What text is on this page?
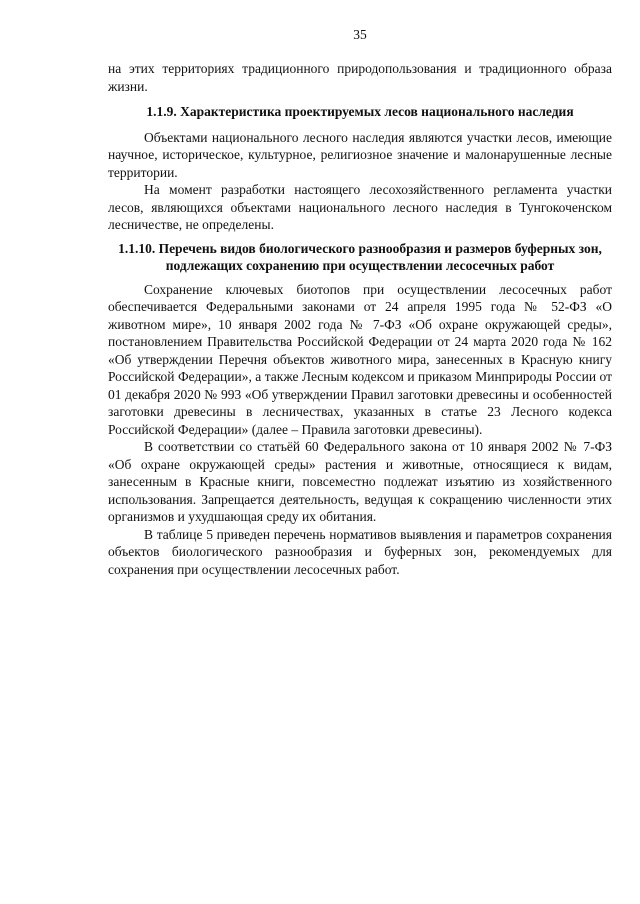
35

на этих территориях традиционного природопользования и традиционного образа жизни.

1.1.9. Характеристика проектируемых лесов национального наследия

Объектами национального лесного наследия являются участки лесов, имеющие научное, историческое, культурное, религиозное значение и малонарушенные лесные территории.

На момент разработки настоящего лесохозяйственного регламента участки лесов, являющихся объектами национального лесного наследия в Тунгокоченском лесничестве, не определены.

1.1.10. Перечень видов биологического разнообразия и размеров буферных зон, подлежащих сохранению при осуществлении лесосечных работ

Сохранение ключевых биотопов при осуществлении лесосечных работ обеспечивается Федеральными законами от 24 апреля 1995 года № 52-ФЗ «О животном мире», 10 января 2002 года № 7-ФЗ «Об охране окружающей среды», постановлением Правительства Российской Федерации от 24 марта 2020 года № 162 «Об утверждении Перечня объектов животного мира, занесенных в Красную книгу Российской Федерации», а также Лесным кодексом и приказом Минприроды России от 01 декабря 2020 № 993 «Об утверждении Правил заготовки древесины и особенностей заготовки древесины в лесничествах, указанных в статье 23 Лесного кодекса Российской Федерации» (далее – Правила заготовки древесины).

В соответствии со статьёй 60 Федерального закона от 10 января 2002 № 7-ФЗ «Об охране окружающей среды» растения и животные, относящиеся к видам, занесенным в Красные книги, повсеместно подлежат изъятию из хозяйственного использования. Запрещается деятельность, ведущая к сокращению численности этих организмов и ухудшающая среду их обитания.

В таблице 5 приведен перечень нормативов выявления и параметров сохранения объектов биологического разнообразия и буферных зон, рекомендуемых для сохранения при осуществлении лесосечных работ.
